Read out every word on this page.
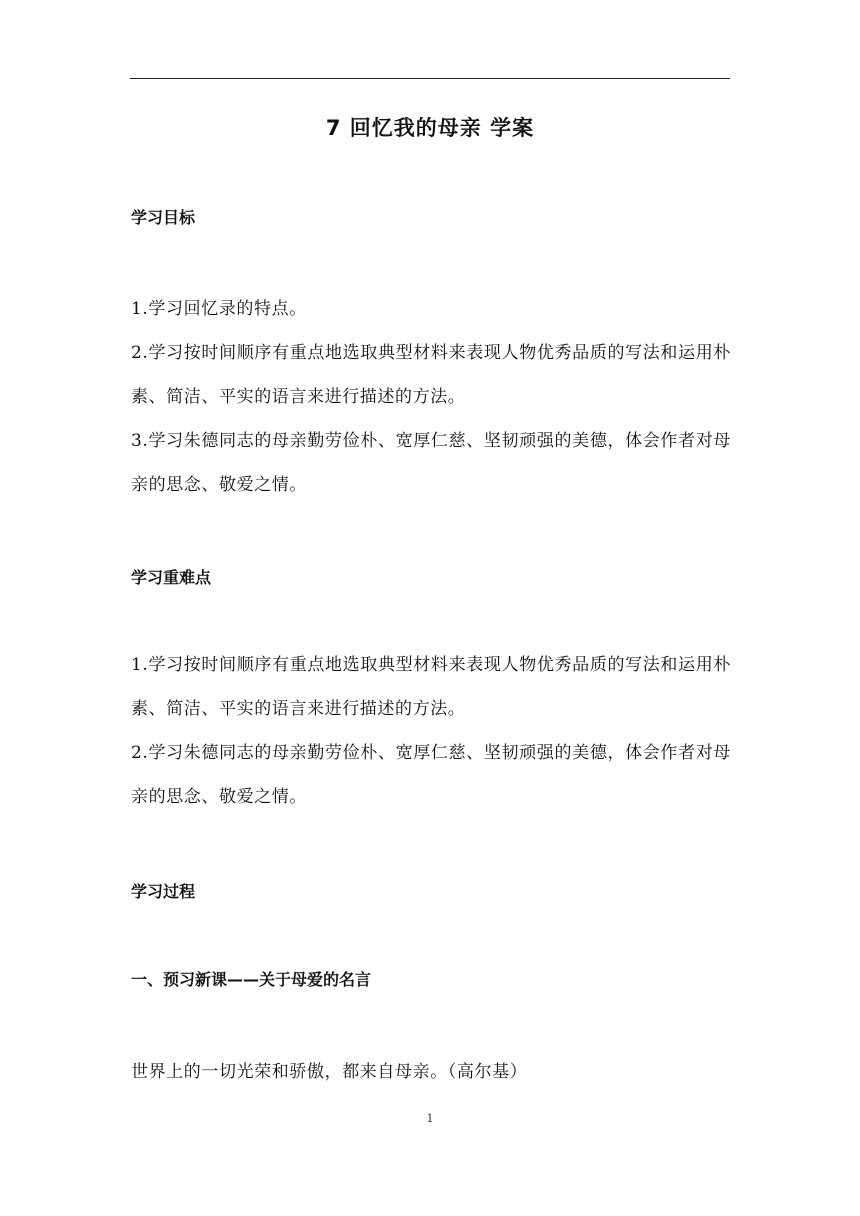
7 回忆我的母亲 学案
学习目标
1.学习回忆录的特点。
2.学习按时间顺序有重点地选取典型材料来表现人物优秀品质的写法和运用朴素、简洁、平实的语言来进行描述的方法。
3.学习朱德同志的母亲勤劳俭朴、宽厚仁慈、坚韧顽强的美德，体会作者对母亲的思念、敬爱之情。
学习重难点
1.学习按时间顺序有重点地选取典型材料来表现人物优秀品质的写法和运用朴素、简洁、平实的语言来进行描述的方法。
2.学习朱德同志的母亲勤劳俭朴、宽厚仁慈、坚韧顽强的美德，体会作者对母亲的思念、敬爱之情。
学习过程
一、预习新课——关于母爱的名言
世界上的一切光荣和骄傲，都来自母亲。（高尔基）
1
